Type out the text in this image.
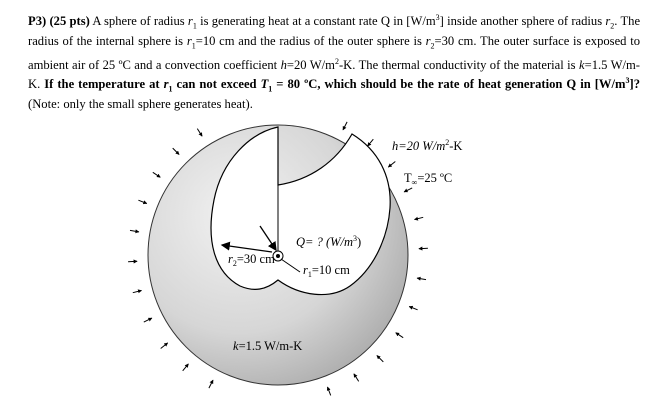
P3) (25 pts) A sphere of radius $r_1$ is generating heat at a constant rate Q in $[W/m^3]$ inside another sphere of radius $r_2$. The radius of the internal sphere is $r_1=10$ cm and the radius of the outer sphere is $r_2=30$ cm. The outer surface is exposed to ambient air of 25 ºC and a convection coefficient h=20 $W/m^2-K$. The thermal conductivity of the material is k=1.5 W/m-K. If the temperature at $r_1$ can not exceed $T_1 = 80$ ºC, which should be the rate of heat generation Q in $[W/m^3]$? (Note: only the small sphere generates heat).
h=20 $W/m^2-K$
$T_\infty=25$ ºC
Q= ? $(W/m^3)$
$r_2=30$ cm
$r_1=10$ cm
k=1.5 W/m-K
